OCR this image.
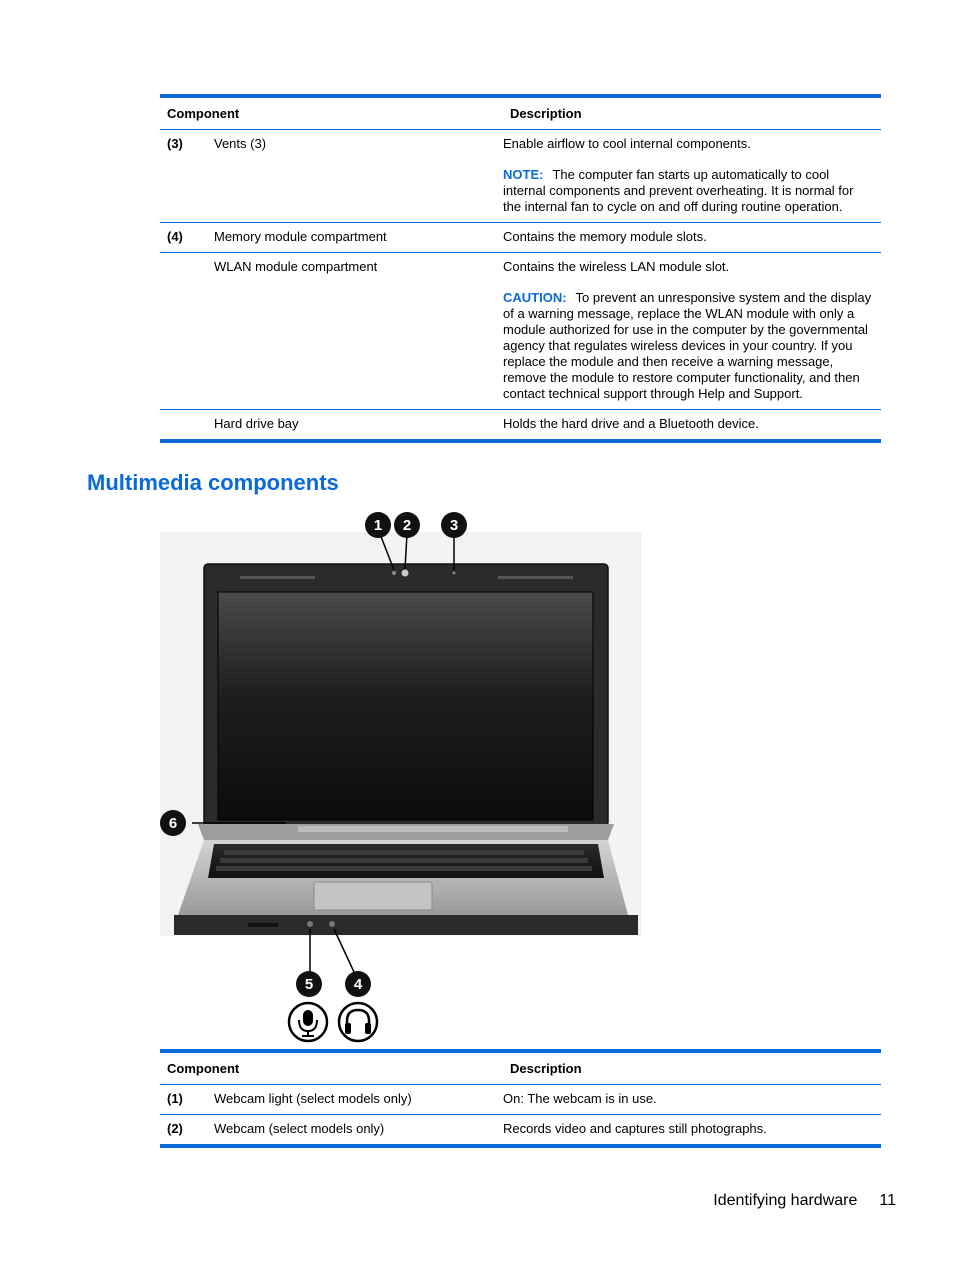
Component	Description
(3)	Vents (3)	Enable airflow to cool internal components.
NOTE: The computer fan starts up automatically to cool internal components and prevent overheating. It is normal for the internal fan to cycle on and off during routine operation.
(4)	Memory module compartment	Contains the memory module slots.
WLAN module compartment	Contains the wireless LAN module slot.
CAUTION: To prevent an unresponsive system and the display of a warning message, replace the WLAN module with only a module authorized for use in the computer by the governmental agency that regulates wireless devices in your country. If you replace the module and then receive a warning message, remove the module to restore computer functionality, and then contact technical support through Help and Support.
Hard drive bay	Holds the hard drive and a Bluetooth device.
Multimedia components
1 2	3
6
5	4
Component	Description
(1)	Webcam light (select models only)	On: The webcam is in use.
(2)	Webcam (select models only)	Records video and captures still photographs.
Identifying hardware 11
